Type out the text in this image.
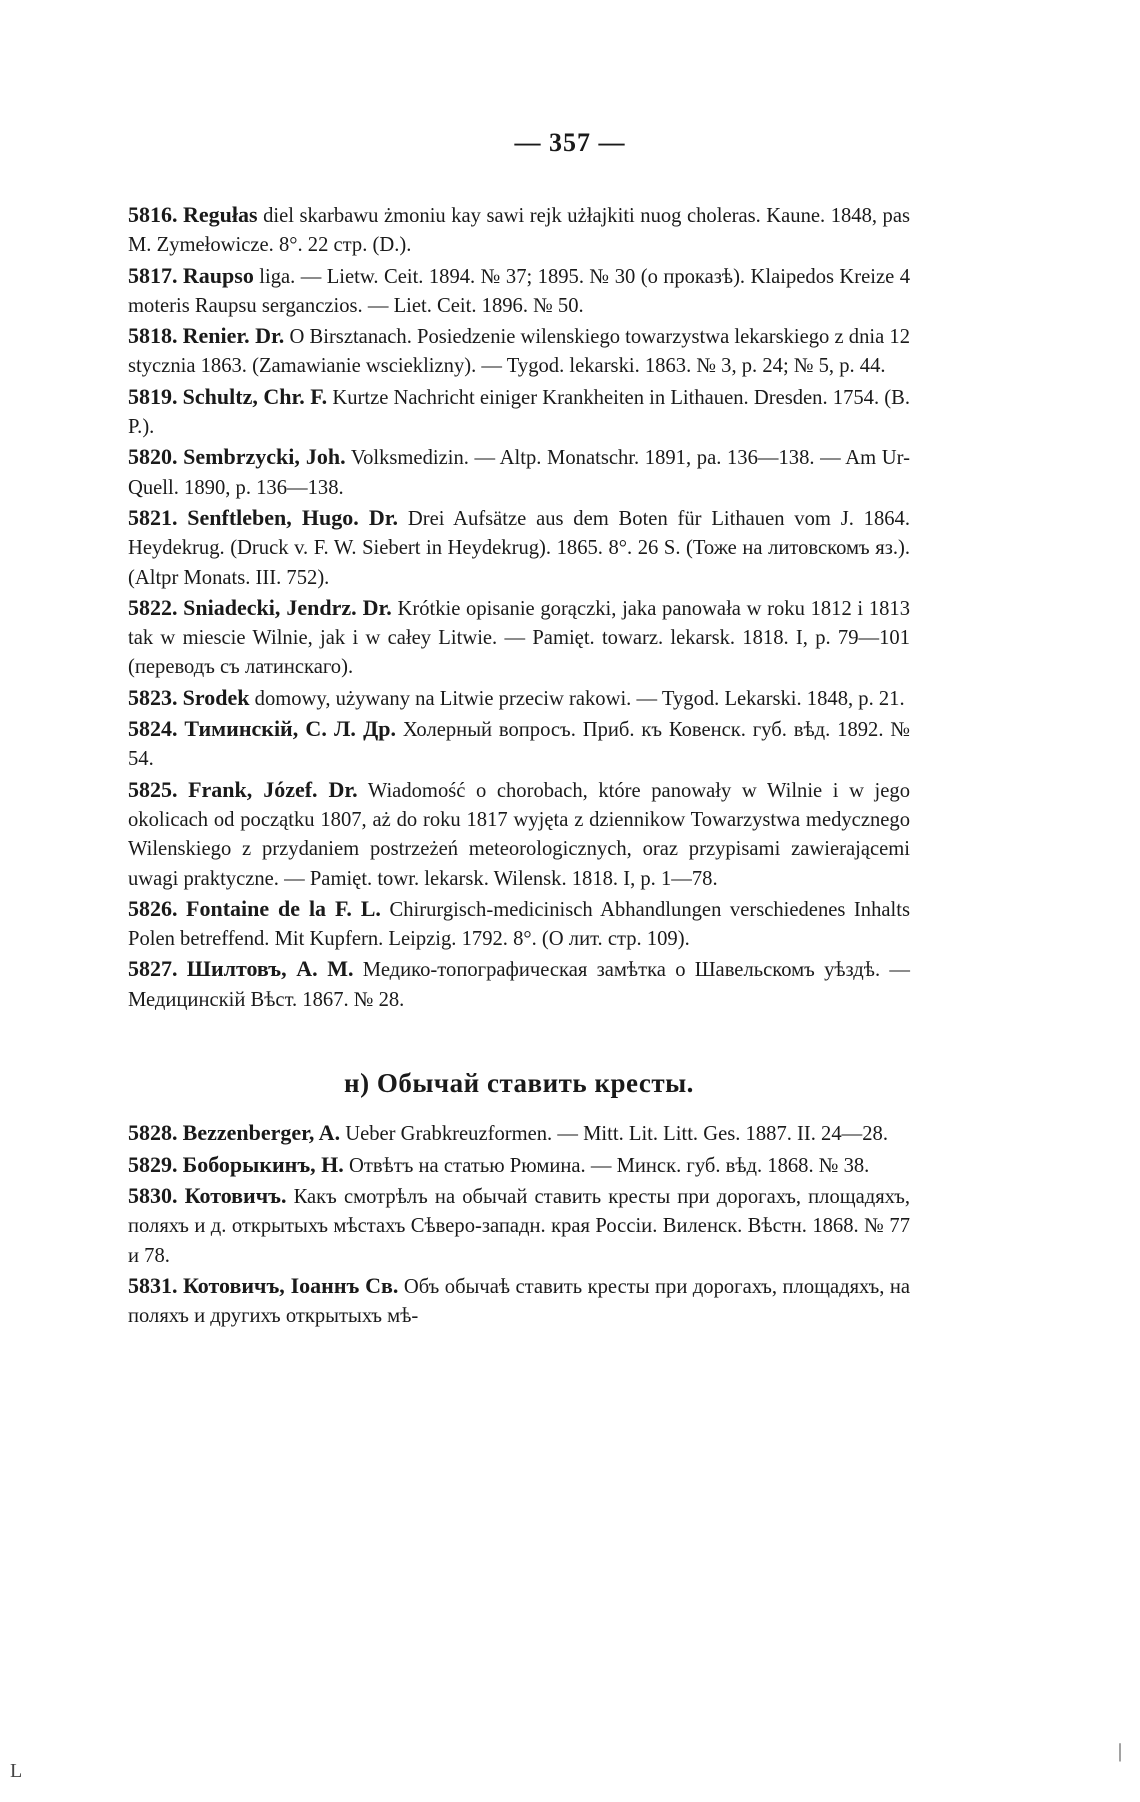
— 357 —
5816. Regułas diel skarbawu żmoniu kay sawi rejk użłajkiti nuog choleras. Kaune. 1848, pas M. Zymełowicze. 8°. 22 стр. (D.).
5817. Raupso liga. — Lietw. Ceit. 1894. № 37; 1895. № 30 (о проказѣ). Klaipedos Kreize 4 moteris Raupsu sergancziоs. — Liet. Ceit. 1896. № 50.
5818. Renier. Dr. O Birsztanach. Posiedzenie wilenskiego towarzystwa lekarskiego z dnia 12 stycznia 1863. (Zamawianie wscieklizny). — Tygod. lekarski. 1863. № 3, p. 24; № 5, p. 44.
5819. Schultz, Chr. F. Kurtze Nachricht einiger Krankheiten in Lithauen. Dresden. 1754. (B. P.).
5820. Sembrzycki, Joh. Volksmedizin. — Altp. Monatschr. 1891, pa. 136—138. — Am Ur-Quell. 1890, p. 136—138.
5821. Senftleben, Hugo. Dr. Drei Aufsätze aus dem Boten für Lithauen vom J. 1864. Heydekrug. (Druck v. F. W. Siebert in Heydekrug). 1865. 8°. 26 S. (Тоже на литовскомъ яз.). (Altpr Monats. III. 752).
5822. Sniadecki, Jendrz. Dr. Krótkie opisanie gorączki, jaka panowała w roku 1812 i 1813 tak w miescie Wilnie, jak i w całey Litwie. — Pamięt. towarz. lekarsk. 1818. I, p. 79—101 (переводъ съ латинскаго).
5823. Srodek domowy, używany na Litwie przeciw rakowi. — Tygod. Lekarski. 1848, p. 21.
5824. Тиминскій, С. Л. Др. Холерный вопросъ. Приб. къ Ковенск. губ. вѣд. 1892. № 54.
5825. Frank, Józef. Dr. Wiadomość o chorobach, które panowały w Wilnie i w jego okolicach od początku 1807, aż do roku 1817 wyjęta z dziennikow Towarzystwa medycznego Wilenskiego z przydaniem postrzeżeń meteorologicznych, oraz przypisami zawierającemi uwagi praktyczne. — Pamięt. towr. lekarsk. Wilensk. 1818. I, p. 1—78.
5826. Fontaine de la F. L. Chirurgisch-medicinisch Abhandlungen verschiedenes Inhalts Polen betreffend. Mit Kupfern. Leipzig. 1792. 8°. (О лит. стр. 109).
5827. Шилтовъ, А. М. Медико-топографическая замѣтка о Шавельскомъ уѣздѣ. — Медицинскій Вѣст. 1867. № 28.
н) Обычай ставить кресты.
5828. Bezzenberger, A. Ueber Grabkreuzformen. — Mitt. Lit. Litt. Ges. 1887. II. 24—28.
5829. Боборыкинъ, Н. Отвѣтъ на статью Рюмина. — Минск. губ. вѣд. 1868. № 38.
5830. Котовичъ. Какъ смотрѣлъ на обычай ставить кресты при дорогахъ, площадяхъ, поляхъ и д. открытыхъ мѣстахъ Сѣверо-западн. края Россіи. Виленск. Вѣстн. 1868. № 77 и 78.
5831. Котовичъ, Іоаннъ Св. Объ обычаѣ ставить кресты при дорогахъ, площадяхъ, на поляхъ и другихъ открытыхъ мѣ-
L
|
